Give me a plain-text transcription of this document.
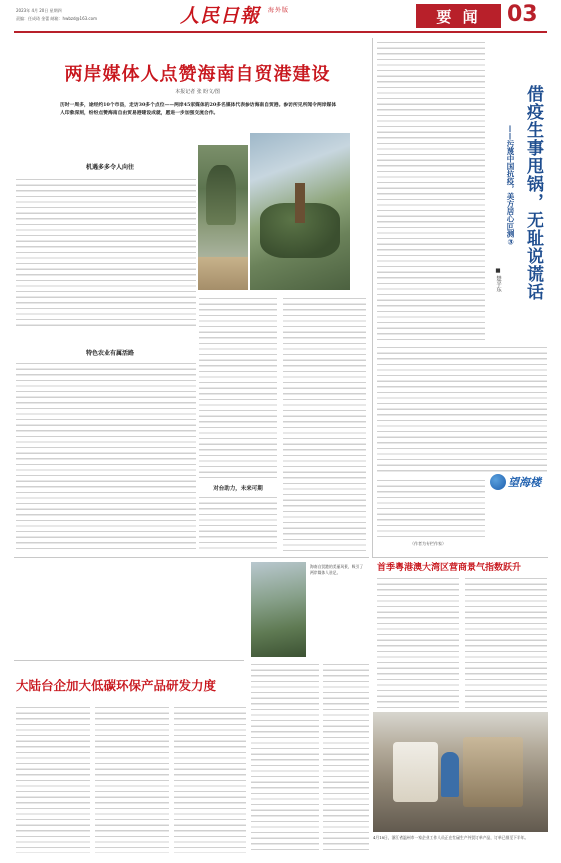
2023年 4月 20日 星期四
责编：任成琦 金蕾 邮箱：hwbzd@163.com	人民日報 海外版	要 闻	03
两岸媒体人点赞海南自贸港建设
本报记者 张 盼文/图
历时一周多，途经约10个市县，走访30多个点位——两岸45家媒体的20多名媒体代表参访海南自贸港。参访所见所闻令两岸媒体人印象深刻，纷纷点赞海南自由贸易港建设成就，愿进一步加强交流合作。
机遇多多令人向往
特色农业有属活路
对台助力，未来可期
海南自贸港的美丽风景，吸引了两岸媒体人驻足。
（作者为专栏作家）
借疫生事甩锅，无耻说谎话
——污蔑中国抗疫，美方居心叵测③
■ 楚平东
望海楼
首季粤港澳大湾区营商景气指数跃升
大陆台企加大低碳环保产品研发力度
4月18日，浙江省温州市一家企业工作人员正在忙碌生产外贸订单产品，订单已排至下半年。
